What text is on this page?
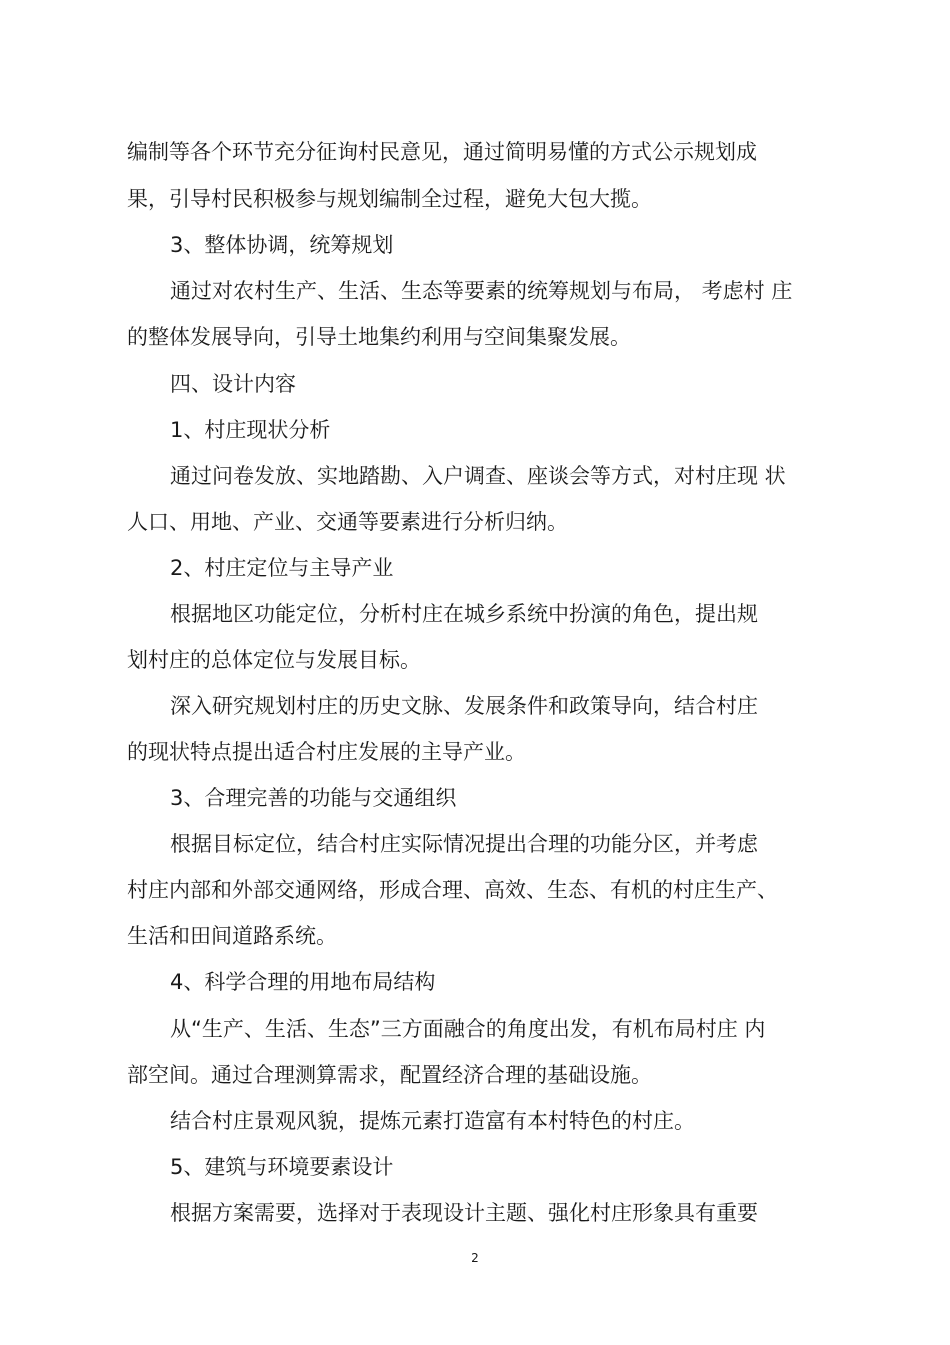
编制等各个环节充分征询村民意见，通过简明易懂的方式公示规划成
果，引导村民积极参与规划编制全过程，避免大包大揽。
3、整体协调，统筹规划
通过对农村生产、生活、生态等要素的统筹规划与布局， 考虑村 庄
的整体发展导向，引导土地集约利用与空间集聚发展。
四、设计内容
1、村庄现状分析
通过问卷发放、实地踏勘、入户调查、座谈会等方式，对村庄现 状
人口、用地、产业、交通等要素进行分析归纳。
2、村庄定位与主导产业
根据地区功能定位，分析村庄在城乡系统中扮演的角色，提出规
划村庄的总体定位与发展目标。
深入研究规划村庄的历史文脉、发展条件和政策导向，结合村庄
的现状特点提出适合村庄发展的主导产业。
3、合理完善的功能与交通组织
根据目标定位，结合村庄实际情况提出合理的功能分区，并考虑
村庄内部和外部交通网络，形成合理、高效、生态、有机的村庄生产、
生活和田间道路系统。
4、科学合理的用地布局结构
从“生产、生活、生态”三方面融合的角度出发，有机布局村庄 内
部空间。通过合理测算需求，配置经济合理的基础设施。
结合村庄景观风貌，提炼元素打造富有本村特色的村庄。
5、建筑与环境要素设计
根据方案需要，选择对于表现设计主题、强化村庄形象具有重要
2
